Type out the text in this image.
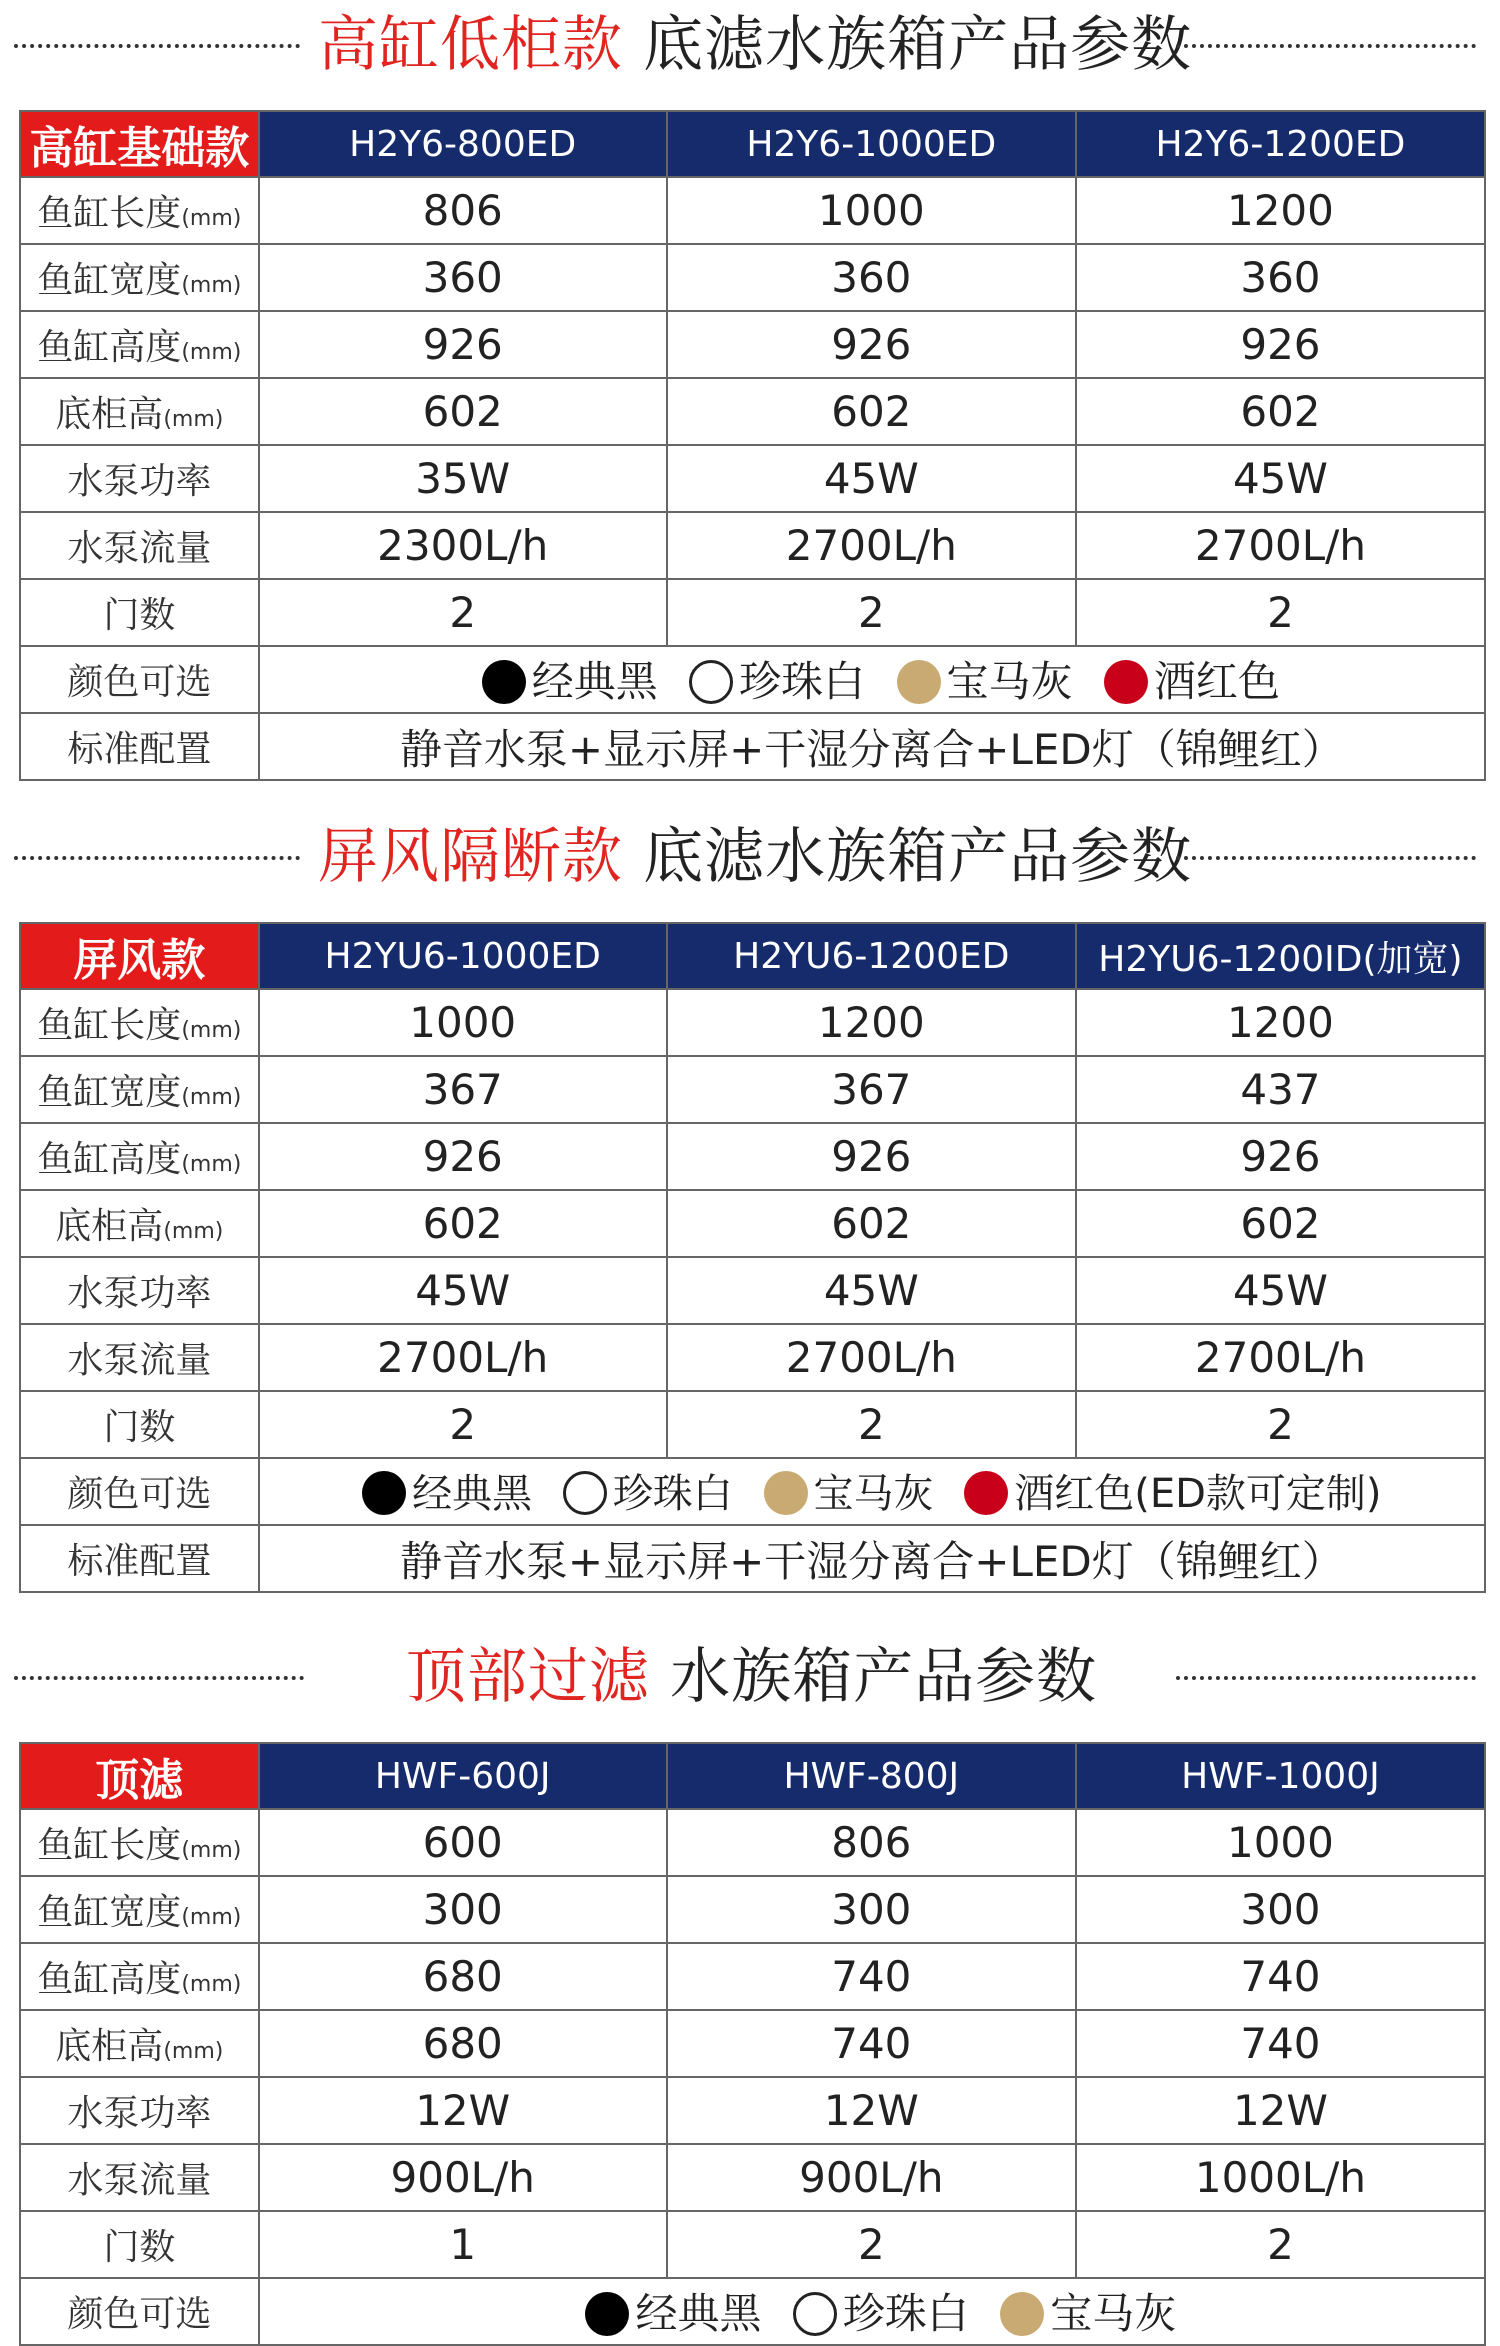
高缸低柜款 底滤水族箱产品参数
高缸基础款	H2Y6-800ED	H2Y6-1000ED	H2Y6-1200ED
鱼缸长度(mm)	806	1000	1200
鱼缸宽度(mm)	360	360	360
鱼缸高度(mm)	926	926	926
底柜高(mm)	602	602	602
水泵功率	35W	45W	45W
水泵流量	2300L/h	2700L/h	2700L/h
门数	2	2	2
颜色可选	经典黑 珍珠白 宝马灰 酒红色		
标准配置	静音水泵+显示屏+干湿分离合+LED灯（锦鲤红）		
屏风隔断款 底滤水族箱产品参数
屏风款	H2YU6-1000ED	H2YU6-1200ED	H2YU6-1200ID(加宽)
鱼缸长度(mm)	1000	1200	1200
鱼缸宽度(mm)	367	367	437
鱼缸高度(mm)	926	926	926
底柜高(mm)	602	602	602
水泵功率	45W	45W	45W
水泵流量	2700L/h	2700L/h	2700L/h
门数	2	2	2
颜色可选	经典黑 珍珠白 宝马灰 酒红色(ED款可定制)		
标准配置	静音水泵+显示屏+干湿分离合+LED灯（锦鲤红）		
顶部过滤 水族箱产品参数
顶滤	HWF-600J	HWF-800J	HWF-1000J
鱼缸长度(mm)	600	806	1000
鱼缸宽度(mm)	300	300	300
鱼缸高度(mm)	680	740	740
底柜高(mm)	680	740	740
水泵功率	12W	12W	12W
水泵流量	900L/h	900L/h	1000L/h
门数	1	2	2
颜色可选	经典黑 珍珠白 宝马灰		
